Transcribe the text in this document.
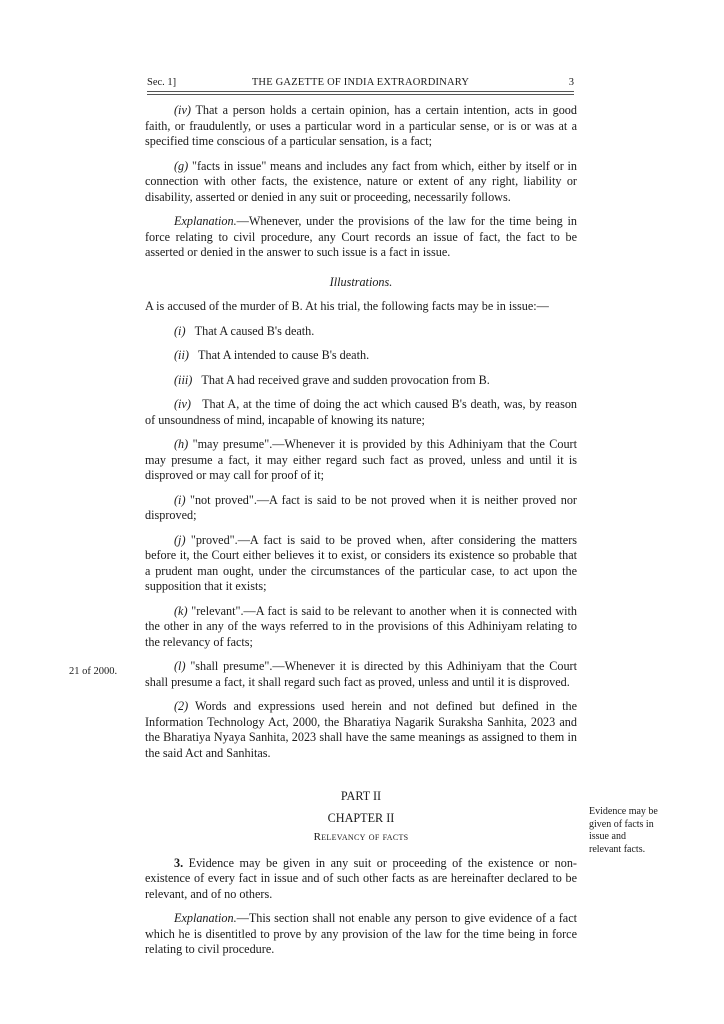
Sec. 1]	THE GAZETTE OF INDIA EXTRAORDINARY	3

(iv) That a person holds a certain opinion, has a certain intention, acts in good faith, or fraudulently, or uses a particular word in a particular sense, or is or was at a specified time conscious of a particular sensation, is a fact;

(g) "facts in issue" means and includes any fact from which, either by itself or in connection with other facts, the existence, nature or extent of any right, liability or disability, asserted or denied in any suit or proceeding, necessarily follows.

Explanation.—Whenever, under the provisions of the law for the time being in force relating to civil procedure, any Court records an issue of fact, the fact to be asserted or denied in the answer to such issue is a fact in issue.

Illustrations.

A is accused of the murder of B. At his trial, the following facts may be in issue:—

(i) That A caused B's death.

(ii) That A intended to cause B's death.

(iii) That A had received grave and sudden provocation from B.

(iv) That A, at the time of doing the act which caused B's death, was, by reason of unsoundness of mind, incapable of knowing its nature;

(h) "may presume".—Whenever it is provided by this Adhiniyam that the Court may presume a fact, it may either regard such fact as proved, unless and until it is disproved or may call for proof of it;

(i) "not proved".—A fact is said to be not proved when it is neither proved nor disproved;

(j) "proved".—A fact is said to be proved when, after considering the matters before it, the Court either believes it to exist, or considers its existence so probable that a prudent man ought, under the circumstances of the particular case, to act upon the supposition that it exists;

(k) "relevant".—A fact is said to be relevant to another when it is connected with the other in any of the ways referred to in the provisions of this Adhiniyam relating to the relevancy of facts;

(l) "shall presume".—Whenever it is directed by this Adhiniyam that the Court shall presume a fact, it shall regard such fact as proved, unless and until it is disproved.

(2) Words and expressions used herein and not defined but defined in the Information Technology Act, 2000, the Bharatiya Nagarik Suraksha Sanhita, 2023 and the Bharatiya Nyaya Sanhita, 2023 shall have the same meanings as assigned to them in the said Act and Sanhitas.

PART II

CHAPTER II

Relevancy of facts

3. Evidence may be given in any suit or proceeding of the existence or non-existence of every fact in issue and of such other facts as are hereinafter declared to be relevant, and of no others.

Explanation.—This section shall not enable any person to give evidence of a fact which he is disentitled to prove by any provision of the law for the time being in force relating to civil procedure.

21 of 2000.
Evidence may be given of facts in issue and relevant facts.
